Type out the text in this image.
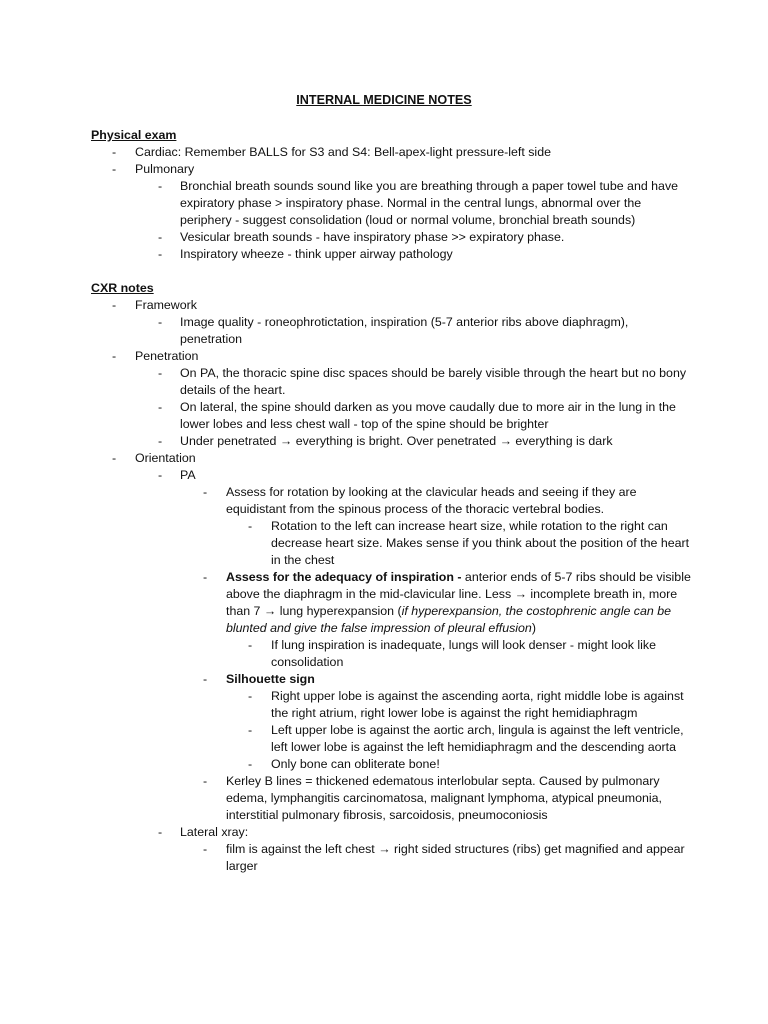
INTERNAL MEDICINE NOTES
Physical exam
- Cardiac: Remember BALLS for S3 and S4: Bell-apex-light pressure-left side
- Pulmonary
- Bronchial breath sounds sound like you are breathing through a paper towel tube and have expiratory phase > inspiratory phase. Normal in the central lungs, abnormal over the periphery - suggest consolidation (loud or normal volume, bronchial breath sounds)
- Vesicular breath sounds - have inspiratory phase >> expiratory phase.
- Inspiratory wheeze - think upper airway pathology
CXR notes
- Framework
- Image quality - roneophrotictation, inspiration (5-7 anterior ribs above diaphragm), penetration
- Penetration
- On PA, the thoracic spine disc spaces should be barely visible through the heart but no bony details of the heart.
- On lateral, the spine should darken as you move caudally due to more air in the lung in the lower lobes and less chest wall - top of the spine should be brighter
- Under penetrated → everything is bright. Over penetrated → everything is dark
- Orientation
- PA
- Assess for rotation by looking at the clavicular heads and seeing if they are equidistant from the spinous process of the thoracic vertebral bodies.
- Rotation to the left can increase heart size, while rotation to the right can decrease heart size. Makes sense if you think about the position of the heart in the chest
- Assess for the adequacy of inspiration - anterior ends of 5-7 ribs should be visible above the diaphragm in the mid-clavicular line. Less → incomplete breath in, more than 7 → lung hyperexpansion (if hyperexpansion, the costophrenic angle can be blunted and give the false impression of pleural effusion)
- If lung inspiration is inadequate, lungs will look denser - might look like consolidation
- Silhouette sign
- Right upper lobe is against the ascending aorta, right middle lobe is against the right atrium, right lower lobe is against the right hemidiaphragm
- Left upper lobe is against the aortic arch, lingula is against the left ventricle, left lower lobe is against the left hemidiaphragm and the descending aorta
- Only bone can obliterate bone!
- Kerley B lines = thickened edematous interlobular septa. Caused by pulmonary edema, lymphangitis carcinomatosa, malignant lymphoma, atypical pneumonia, interstitial pulmonary fibrosis, sarcoidosis, pneumoconiosis
- Lateral xray:
- film is against the left chest → right sided structures (ribs) get magnified and appear larger
